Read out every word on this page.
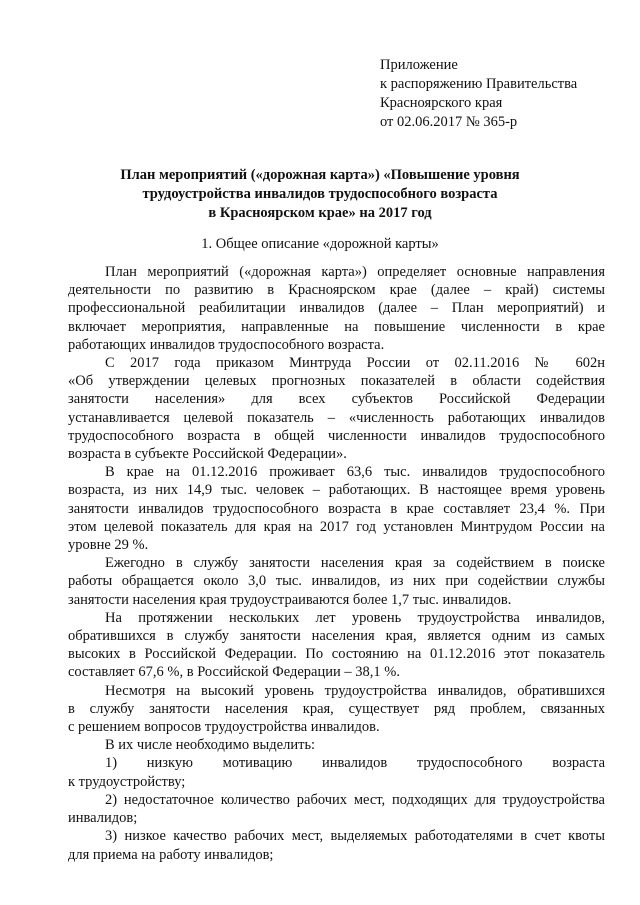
Приложение
к распоряжению Правительства
Красноярского края
от 02.06.2017 № 365-р
План мероприятий («дорожная карта») «Повышение уровня
трудоустройства инвалидов трудоспособного возраста
в Красноярском крае» на 2017 год
1. Общее описание «дорожной карты»
План мероприятий («дорожная карта») определяет основные направления
деятельности по развитию в Красноярском крае (далее – край) системы
профессиональной реабилитации инвалидов (далее – План мероприятий) и
включает мероприятия, направленные на повышение численности в крае
работающих инвалидов трудоспособного возраста.
С 2017 года приказом Минтруда России от 02.11.2016 № 602н
«Об утверждении целевых прогнозных показателей в области содействия
занятости населения» для всех субъектов Российской Федерации
устанавливается целевой показатель – «численность работающих инвалидов
трудоспособного возраста в общей численности инвалидов трудоспособного
возраста в субъекте Российской Федерации».
В крае на 01.12.2016 проживает 63,6 тыс. инвалидов трудоспособного
возраста, из них 14,9 тыс. человек – работающих. В настоящее время уровень
занятости инвалидов трудоспособного возраста в крае составляет 23,4 %. При
этом целевой показатель для края на 2017 год установлен Минтрудом России на
уровне 29 %.
Ежегодно в службу занятости населения края за содействием в поиске
работы обращается около 3,0 тыс. инвалидов, из них при содействии службы
занятости населения края трудоустраиваются более 1,7 тыс. инвалидов.
На протяжении нескольких лет уровень трудоустройства инвалидов,
обратившихся в службу занятости населения края, является одним из самых
высоких в Российской Федерации. По состоянию на 01.12.2016 этот показатель
составляет 67,6 %, в Российской Федерации – 38,1 %.
Несмотря на высокий уровень трудоустройства инвалидов, обратившихся
в службу занятости населения края, существует ряд проблем, связанных
с решением вопросов трудоустройства инвалидов.
В их числе необходимо выделить:
1) низкую мотивацию инвалидов трудоспособного возраста
к трудоустройству;
2) недостаточное количество рабочих мест, подходящих для трудоустройства
инвалидов;
3) низкое качество рабочих мест, выделяемых работодателями в счет квоты
для приема на работу инвалидов;
